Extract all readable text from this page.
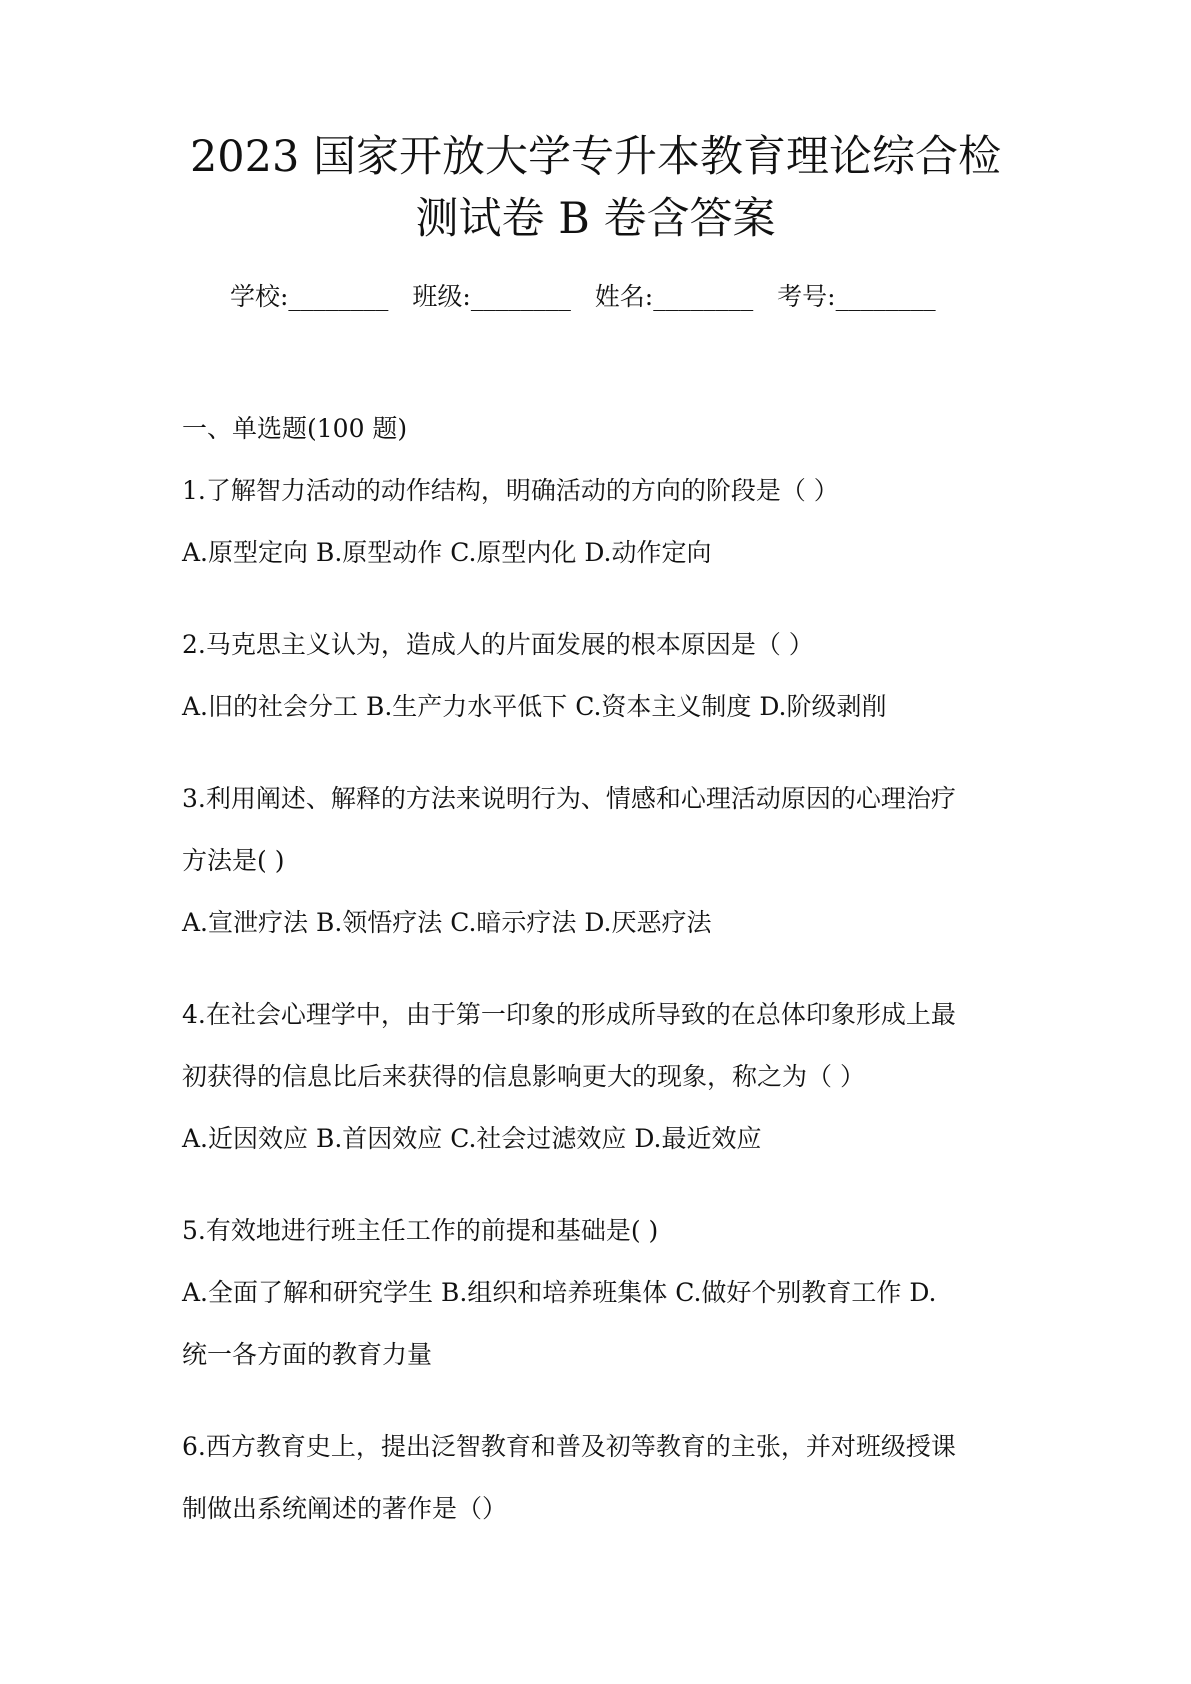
2023 国家开放大学专升本教育理论综合检
测试卷 B 卷含答案
学校:________ 班级:________ 姓名:________ 考号:________

一、单选题(100 题)

1.了解智力活动的动作结构，明确活动的方向的阶段是（ ）

A.原型定向 B.原型动作 C.原型内化 D.动作定向

2.马克思主义认为，造成人的片面发展的根本原因是（ ）

A.旧的社会分工 B.生产力水平低下 C.资本主义制度 D.阶级剥削

3.利用阐述、解释的方法来说明行为、情感和心理活动原因的心理治疗

方法是( )

A.宣泄疗法 B.领悟疗法 C.暗示疗法 D.厌恶疗法

4.在社会心理学中，由于第一印象的形成所导致的在总体印象形成上最

初获得的信息比后来获得的信息影响更大的现象，称之为（ ）

A.近因效应 B.首因效应 C.社会过滤效应 D.最近效应

5.有效地进行班主任工作的前提和基础是( )

A.全面了解和研究学生 B.组织和培养班集体 C.做好个别教育工作 D.

统一各方面的教育力量

6.西方教育史上，提出泛智教育和普及初等教育的主张，并对班级授课

制做出系统阐述的著作是（）
